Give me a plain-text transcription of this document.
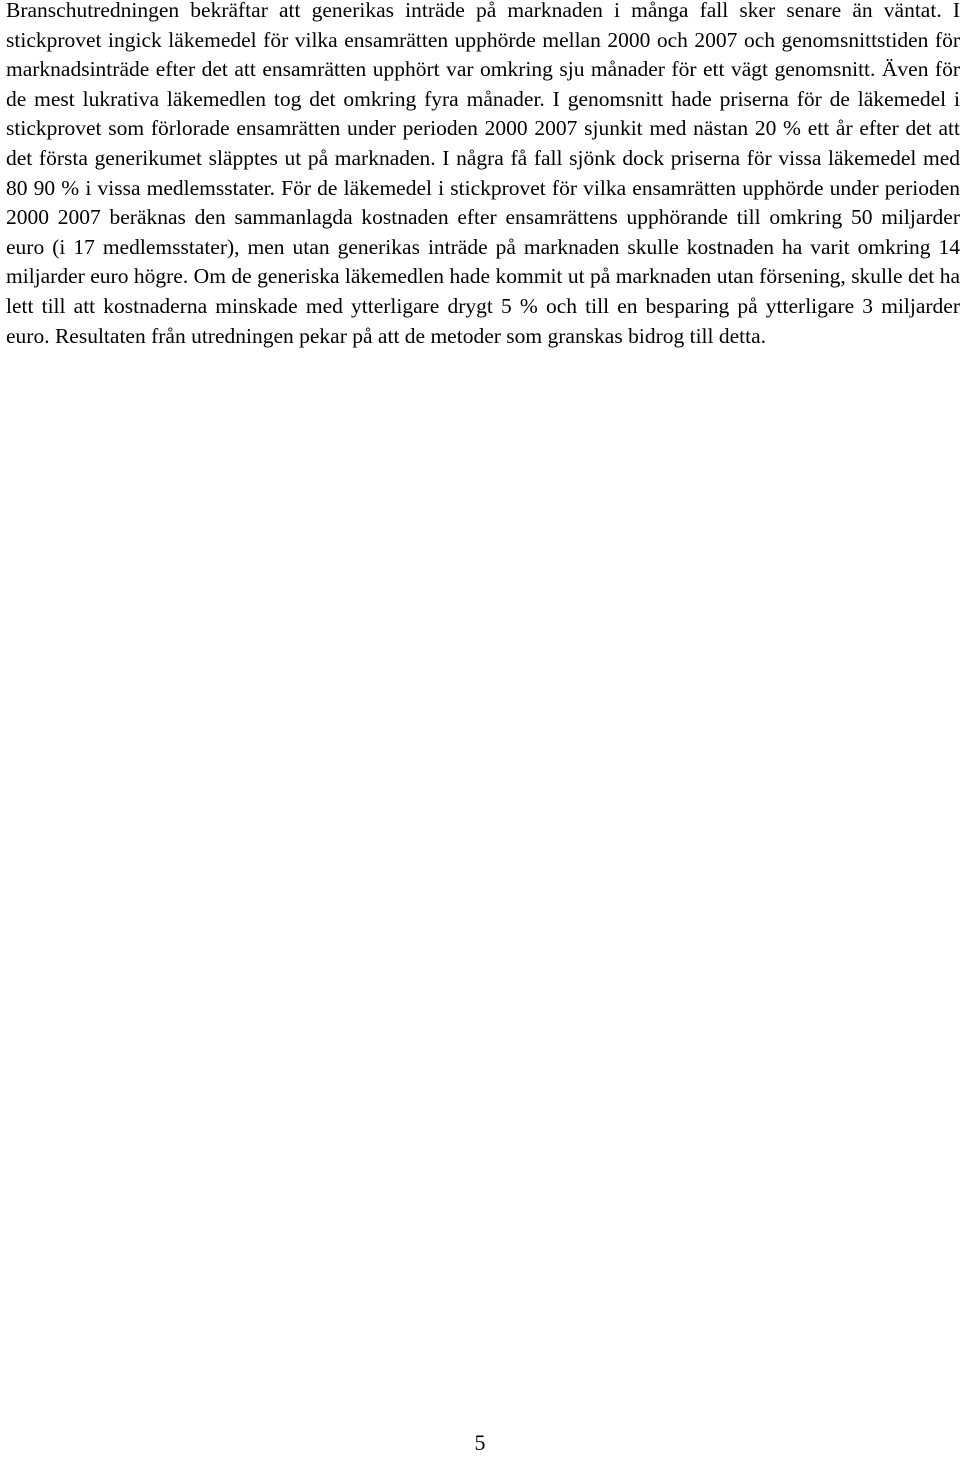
Branschutredningen bekräftar att generikas inträde på marknaden i många fall sker senare än väntat. I stickprovet ingick läkemedel för vilka ensamrätten upphörde mellan 2000 och 2007 och genomsnittstiden för marknadsinträde efter det att ensamrätten upphört var omkring sju månader för ett vägt genomsnitt. Även för de mest lukrativa läkemedlen tog det omkring fyra månader. I genomsnitt hade priserna för de läkemedel i stickprovet som förlorade ensamrätten under perioden 2000 2007 sjunkit med nästan 20 % ett år efter det att det första generikumet släpptes ut på marknaden. I några få fall sjönk dock priserna för vissa läkemedel med 80 90 % i vissa medlemsstater. För de läkemedel i stickprovet för vilka ensamrätten upphörde under perioden 2000 2007 beräknas den sammanlagda kostnaden efter ensamrättens upphörande till omkring 50 miljarder euro (i 17 medlemsstater), men utan generikas inträde på marknaden skulle kostnaden ha varit omkring 14 miljarder euro högre. Om de generiska läkemedlen hade kommit ut på marknaden utan försening, skulle det ha lett till att kostnaderna minskade med ytterligare drygt 5 % och till en besparing på ytterligare 3 miljarder euro. Resultaten från utredningen pekar på att de metoder som granskas bidrog till detta.

5
